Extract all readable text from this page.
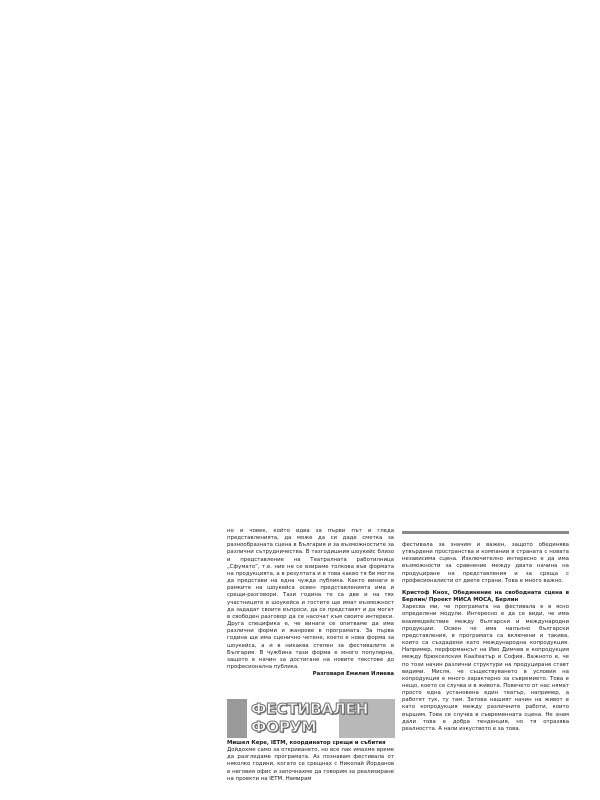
но и човек, който идва за първи път и гледа представленията, да може да си даде сметка за разнообразната сцена в България и за възможностите за различни сътрудничества. В тазгодишния шоукейс близо и представление на Театралната работилница „Сфумато“, т.е. ние не се взираме толкова във формата на продукцията, а в резултата и в това какво тя би могла да представи на една чужда публика. Както винаги в рамките на шоукейса освен представленията има и срещи-разговори. Тази година те са две и на тях участниците в шоукейса и гостите ще имат възможност да зададат своите въпроси, да се представят и да могат в свободен разговор да се насочат към своите интереси. Друга специфика е, че винаги се опитваме да има различни форми и жанрове в програмата. За първа година ще има сценично четене, което е нова форма за шоукейса, а и в никаква степен за фестивалите в България. В чужбина тази форма е много популярна, защото е начин за достигане на новите текстове до професионална публика.

Разговаря Емилия Илиева

ФЕСТИВАЛЕН
ФОРУМ

Мишел Кере, IETM, координатор срещи и събития

Дойдохме само за откриването, но все пак имахме време да разгледаме програмата. Аз познавам фестивала от няколко години, когато се срещнах с Николай Йорданов в неговия офис и започнахме да говорим за реализиране на проекти на IETM. Намирам

фестивала за значим и важен, защото обединява утвърдени пространства и компании в страната с новата независима сцена. Изключително интересно е да има възможности за сравнение между двата начина на продуциране на представления и за среща с професионалисти от двете страни. Това е много важно.

Кристоф Кнох, Обединение на свободната сцена в Берлин/ Проект МИСА МОСА, Берлин

Харесва ми, че програмата на фестивала е в ясно определени модули. Интересно е да се види, че има взаимодействие между български и международни продукции. Освен че има напълно български представления, в програмата са включени и такива, които са създадени като международна копродукция. Например, перформансът на Иво Димчев е копродукция между брюкселския Кааitеатър и София. Важното е, че по този начин различни структури на продуциране ставт видими. Мисля, че съществуването в условия на копродукция е много характерно за съвремието. Това е нещо, което се случва и в живота. Повечето от нас нямат просто една установена един театър, например, а работят тук, ту там. Затова нашият начин на живот е като копродукция между различните работи, които вършим. Това се случва в съвременната сцена. Не знам дали това е добра тенденция, но тя отразява реалността. А нали изкуството е за това.
